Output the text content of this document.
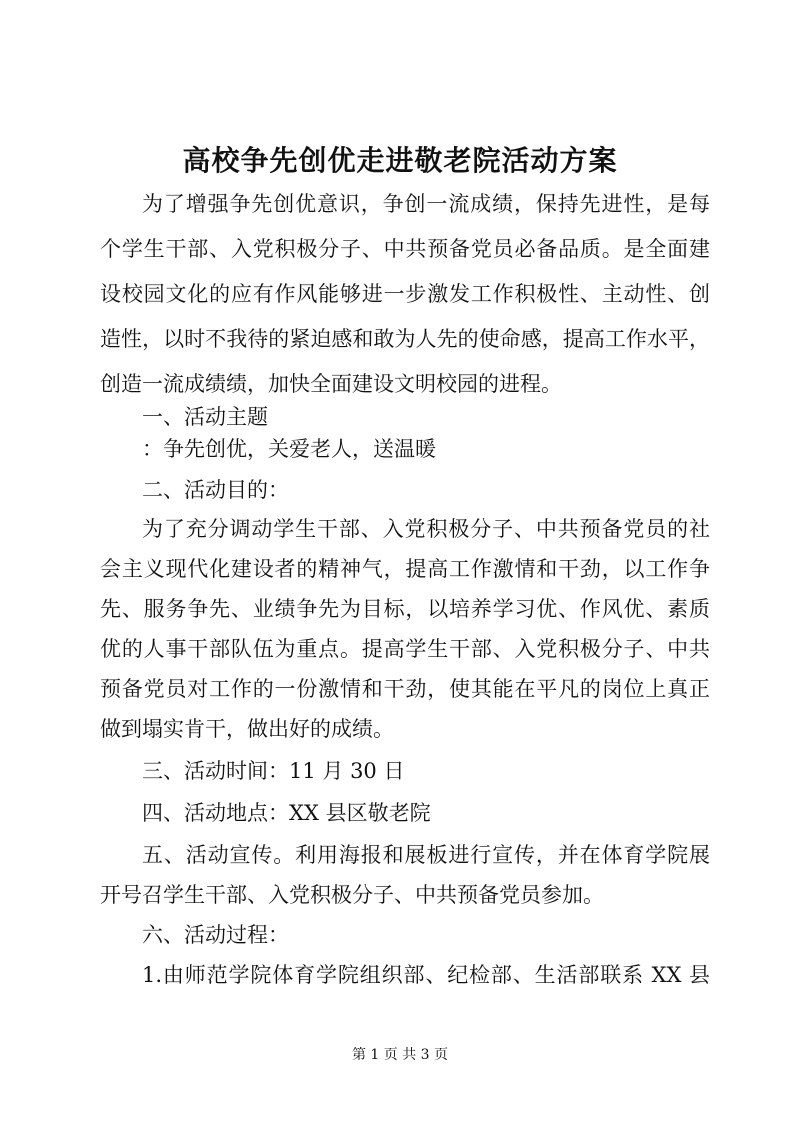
高校争先创优走进敬老院活动方案
为了增强争先创优意识，争创一流成绩，保持先进性，是每
个学生干部、入党积极分子、中共预备党员必备品质。是全面建
设校园文化的应有作风能够进一步激发工作积极性、主动性、创
造性，以时不我待的紧迫感和敢为人先的使命感，提高工作水平，
创造一流成绩绩，加快全面建设文明校园的进程。
一、活动主题
：争先创优，关爱老人，送温暖
二、活动目的：
为了充分调动学生干部、入党积极分子、中共预备党员的社
会主义现代化建设者的精神气，提高工作激情和干劲，以工作争
先、服务争先、业绩争先为目标，以培养学习优、作风优、素质
优的人事干部队伍为重点。提高学生干部、入党积极分子、中共
预备党员对工作的一份激情和干劲，使其能在平凡的岗位上真正
做到塌实肯干，做出好的成绩。
三、活动时间：11 月 30 日
四、活动地点：XX 县区敬老院
五、活动宣传。利用海报和展板进行宣传，并在体育学院展
开号召学生干部、入党积极分子、中共预备党员参加。
六、活动过程：
1.由师范学院体育学院组织部、纪检部、生活部联系 XX 县
第 1 页 共 3 页
